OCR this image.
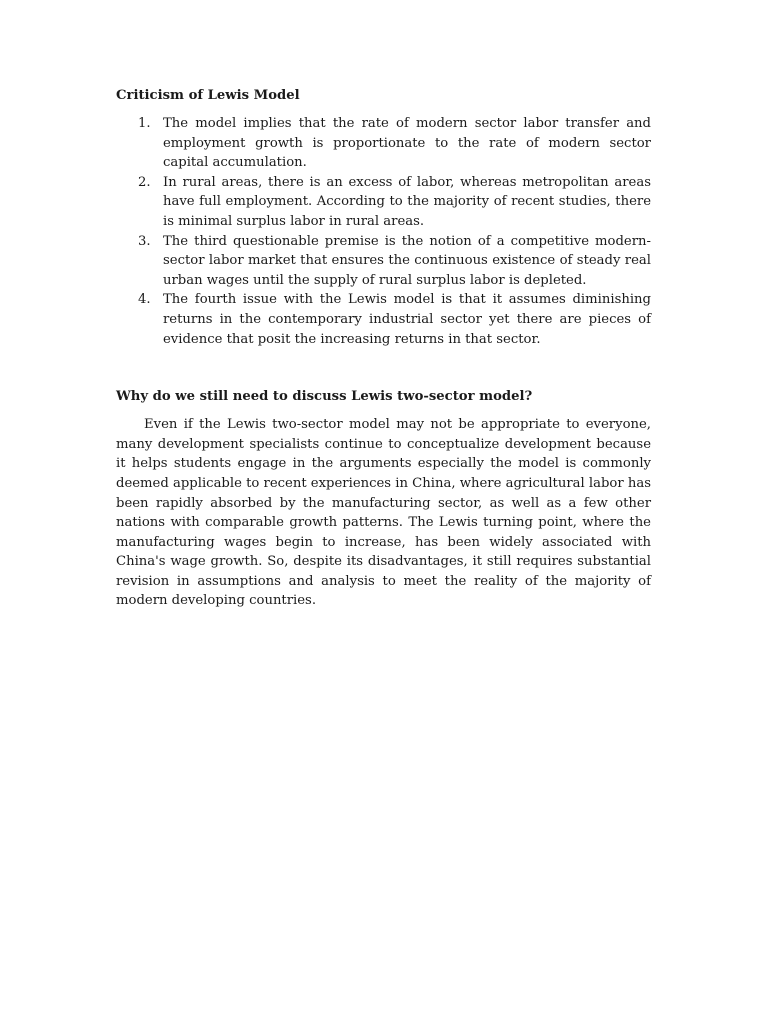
Criticism of Lewis Model
1. The model implies that the rate of modern sector labor transfer and employment growth is proportionate to the rate of modern sector capital accumulation.
2. In rural areas, there is an excess of labor, whereas metropolitan areas have full employment. According to the majority of recent studies, there is minimal surplus labor in rural areas.
3. The third questionable premise is the notion of a competitive modern-sector labor market that ensures the continuous existence of steady real urban wages until the supply of rural surplus labor is depleted.
4. The fourth issue with the Lewis model is that it assumes diminishing returns in the contemporary industrial sector yet there are pieces of evidence that posit the increasing returns in that sector.
Why do we still need to discuss Lewis two-sector model?

Even if the Lewis two-sector model may not be appropriate to everyone, many development specialists continue to conceptualize development because it helps students engage in the arguments especially the model is commonly deemed applicable to recent experiences in China, where agricultural labor has been rapidly absorbed by the manufacturing sector, as well as a few other nations with comparable growth patterns. The Lewis turning point, where the manufacturing wages begin to increase, has been widely associated with China's wage growth. So, despite its disadvantages, it still requires substantial revision in assumptions and analysis to meet the reality of the majority of modern developing countries.
